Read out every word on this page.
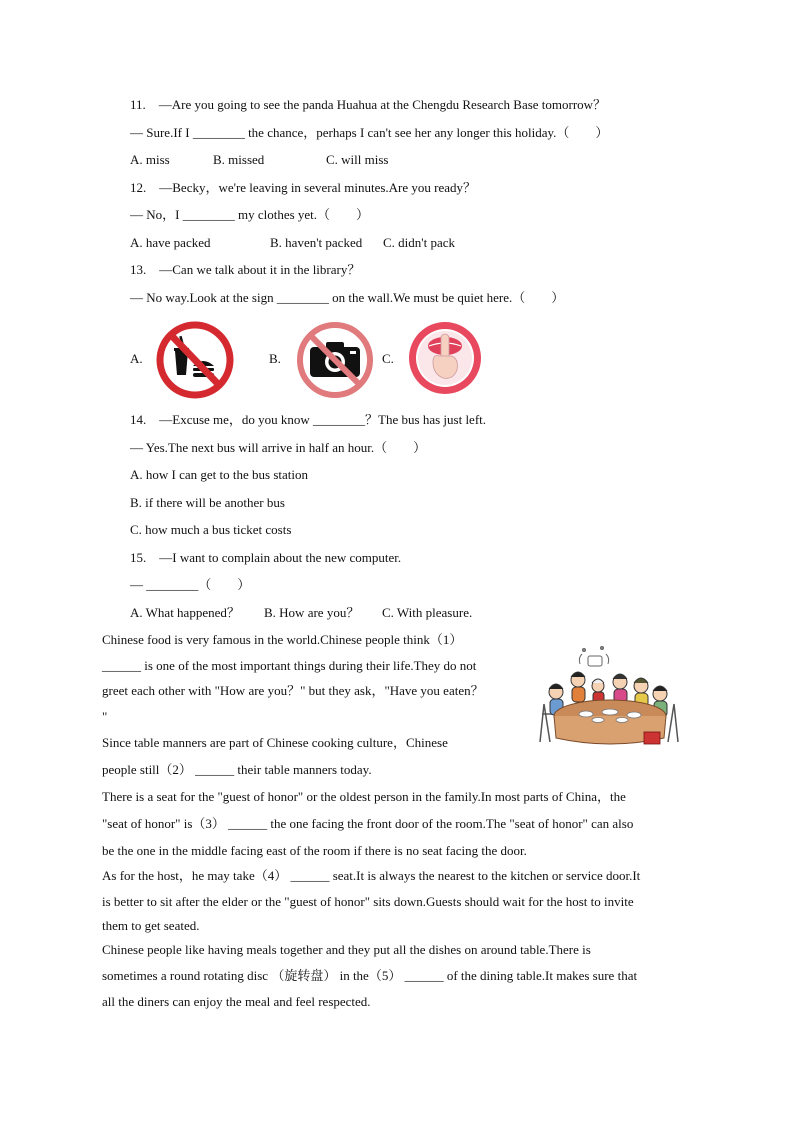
11.　—Are you going to see the panda Huahua at the Chengdu Research Base tomorrow？
— Sure.If I ________ the chance，perhaps I can't see her any longer this holiday.（　　）
A. miss	B. missed	C. will miss
12.　—Becky，we're leaving in several minutes.Are you ready？
— No，I ________ my clothes yet.（　　）
A. have packed	B. haven't packed C. didn't pack
13.　—Can we talk about it in the library？
— No way.Look at the sign ________ on the wall.We must be quiet here.（　　）
A.	B.	C.
14.　—Excuse me，do you know ________？The bus has just left.
— Yes.The next bus will arrive in half an hour.（　　）
A. how I can get to the bus station
B. if there will be another bus
C. how much a bus ticket costs
15.　—I want to complain about the new computer.
— ________（　　）
A. What happened？ B. How are you？ C. With pleasure.
Chinese food is very famous in the world.Chinese people think（1）
______ is one of the most important things during their life.They do not
greet each other with "How are you？" but they ask，"Have you eaten？
"
Since table manners are part of Chinese cooking culture，Chinese
people still（2） ______ their table manners today.
There is a seat for the "guest of honor" or the oldest person in the family.In most parts of China，the
"seat of honor" is（3） ______ the one facing the front door of the room.The "seat of honor" can also
be the one in the middle facing east of the room if there is no seat facing the door.
As for the host，he may take（4） ______ seat.It is always the nearest to the kitchen or service door.It
is better to sit after the elder or the "guest of honor" sits down.Guests should wait for the host to invite
them to get seated.
Chinese people like having meals together and they put all the dishes on around table.There is
sometimes a round rotating disc （旋转盘） in the（5） ______ of the dining table.It makes sure that
all the diners can enjoy the meal and feel respected.
